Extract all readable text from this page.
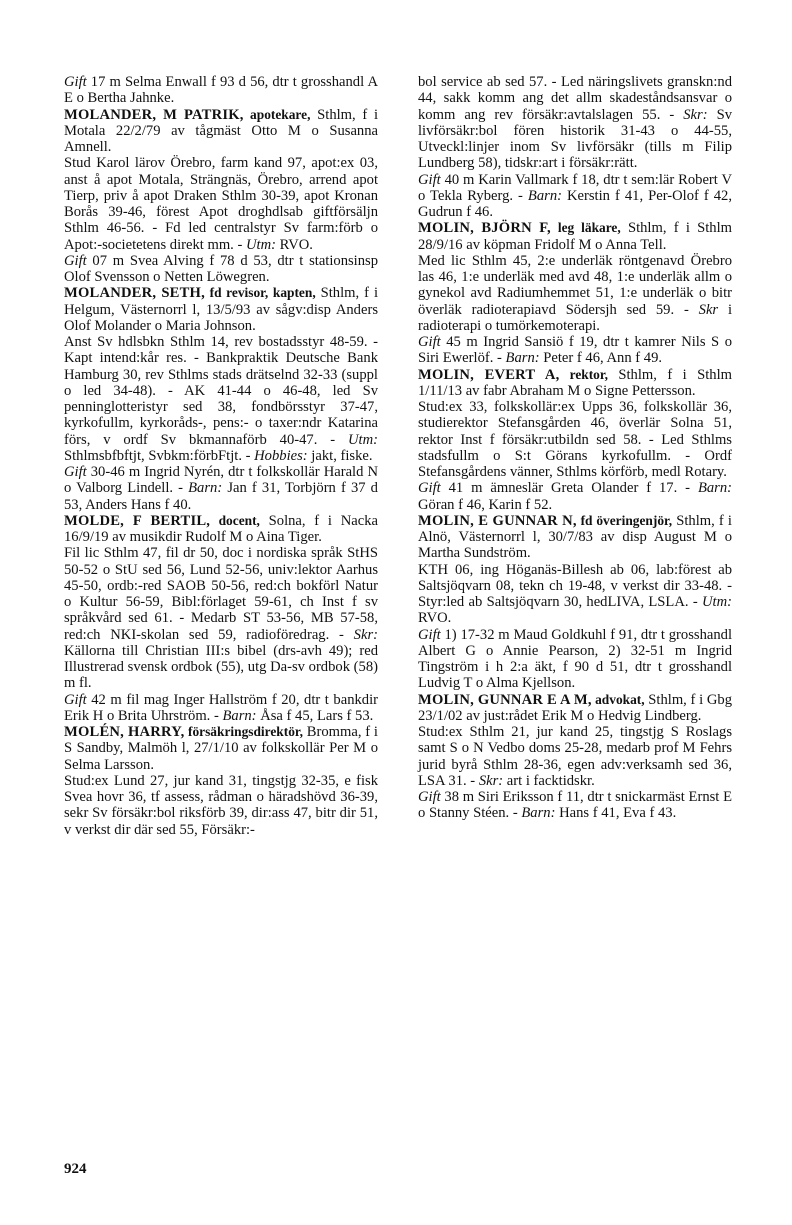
Gift 17 m Selma Enwall f 93 d 56, dtr t grosshandl A E o Bertha Jahnke.

MOLANDER, M PATRIK, apotekare, Sthlm, f i Motala 22/2/79 av tågmäst Otto M o Susanna Amnell.

Stud Karol lärov Örebro, farm kand 97, apot:ex 03, anst å apot Motala, Strängnäs, Örebro, arrend apot Tierp, priv å apot Draken Sthlm 30-39, apot Kronan Borås 39-46, förest Apot droghdlsab giftförsäljn Sthlm 46-56. - Fd led centralstyr Sv farm:förb o Apot:-societetens direkt mm. - Utm: RVO.

Gift 07 m Svea Alving f 78 d 53, dtr t stationsinsp Olof Svensson o Netten Löwegren.

MOLANDER, SETH, fd revisor, kapten, Sthlm, f i Helgum, Västernorrl l, 13/5/93 av sågv:disp Anders Olof Molander o Maria Johnson.

Anst Sv hdlsbkn Sthlm 14, rev bostadsstyr 48-59. - Kapt intend:kår res. - Bankpraktik Deutsche Bank Hamburg 30, rev Sthlms stads drätselnd 32-33 (suppl o led 34-48). - AK 41-44 o 46-48, led Sv penninglotteristyr sed 38, fondbörsstyr 37-47, kyrkofullm, kyrkoråds-, pens:- o taxer:ndr Katarina förs, v ordf Sv bkmannaförb 40-47. - Utm: Sthlmsbfbftjt, Svbkm:förbFtjt. - Hobbies: jakt, fiske.

Gift 30-46 m Ingrid Nyrén, dtr t folkskollär Harald N o Valborg Lindell. - Barn: Jan f 31, Torbjörn f 37 d 53, Anders Hans f 40.

MOLDE, F BERTIL, docent, Solna, f i Nacka 16/9/19 av musikdir Rudolf M o Aina Tiger.

Fil lic Sthlm 47, fil dr 50, doc i nordiska språk StHS 50-52 o StU sed 56, Lund 52-56, univ:lektor Aarhus 45-50, ordb:-red SAOB 50-56, red:ch bokförl Natur o Kultur 56-59, Bibl:förlaget 59-61, ch Inst f sv språkvård sed 61. - Medarb ST 53-56, MB 57-58, red:ch NKI-skolan sed 59, radioföredrag. - Skr: Källorna till Christian III:s bibel (drs-avh 49); red Illustrerad svensk ordbok (55), utg Da-sv ordbok (58) m fl.

Gift 42 m fil mag Inger Hallström f 20, dtr t bankdir Erik H o Brita Uhrström. - Barn: Åsa f 45, Lars f 53.

MOLÉN, HARRY, försäkringsdirektör, Bromma, f i S Sandby, Malmöh l, 27/1/10 av folkskollär Per M o Selma Larsson.

Stud:ex Lund 27, jur kand 31, tingstjg 32-35, e fisk Svea hovr 36, tf assess, rådman o häradshövd 36-39, sekr Sv försäkr:bol riksförb 39, dir:ass 47, bitr dir 51, v verkst dir där sed 55, Försäkr:-

bol service ab sed 57. - Led näringslivets granskn:nd 44, sakk komm ang det allm skadeståndsansvar o komm ang rev försäkr:avtalslagen 55. - Skr: Sv livförsäkr:bol fören historik 31-43 o 44-55, Utveckl:linjer inom Sv livförsäkr (tills m Filip Lundberg 58), tidskr:art i försäkr:rätt.

Gift 40 m Karin Vallmark f 18, dtr t sem:lär Robert V o Tekla Ryberg. - Barn: Kerstin f 41, Per-Olof f 42, Gudrun f 46.

MOLIN, BJÖRN F, leg läkare, Sthlm, f i Sthlm 28/9/16 av köpman Fridolf M o Anna Tell.

Med lic Sthlm 45, 2:e underläk röntgenavd Örebro las 46, 1:e underläk med avd 48, 1:e underläk allm o gynekol avd Radiumhemmet 51, 1:e underläk o bitr överläk radioterapiavd Södersjh sed 59. - Skr i radioterapi o tumörkemoterapi.

Gift 45 m Ingrid Sansiö f 19, dtr t kamrer Nils S o Siri Ewerlöf. - Barn: Peter f 46, Ann f 49.

MOLIN, EVERT A, rektor, Sthlm, f i Sthlm 1/11/13 av fabr Abraham M o Signe Pettersson.

Stud:ex 33, folkskollär:ex Upps 36, folkskollär 36, studierektor Stefansgården 46, överlär Solna 51, rektor Inst f försäkr:utbildn sed 58. - Led Sthlms stadsfullm o S:t Görans kyrkofullm. - Ordf Stefansgårdens vänner, Sthlms körförb, medl Rotary.

Gift 41 m ämneslär Greta Olander f 17. - Barn: Göran f 46, Karin f 52.

MOLIN, E GUNNAR N, fd överingenjör, Sthlm, f i Alnö, Västernorrl l, 30/7/83 av disp August M o Martha Sundström.

KTH 06, ing Höganäs-Billesh ab 06, lab:förest ab Saltsjöqvarn 08, tekn ch 19-48, v verkst dir 33-48. - Styr:led ab Saltsjöqvarn 30, hedLIVA, LSLA. - Utm: RVO.

Gift 1) 17-32 m Maud Goldkuhl f 91, dtr t grosshandl Albert G o Annie Pearson, 2) 32-51 m Ingrid Tingström i h 2:a äkt, f 90 d 51, dtr t grosshandl Ludvig T o Alma Kjellson.

MOLIN, GUNNAR E A M, advokat, Sthlm, f i Gbg 23/1/02 av just:rådet Erik M o Hedvig Lindberg.

Stud:ex Sthlm 21, jur kand 25, tingstjg S Roslags samt S o N Vedbo doms 25-28, medarb prof M Fehrs jurid byrå Sthlm 28-36, egen adv:verksamh sed 36, LSA 31. - Skr: art i facktidskr.

Gift 38 m Siri Eriksson f 11, dtr t snickarmäst Ernst E o Stanny Stéen. - Barn: Hans f 41, Eva f 43.

924
